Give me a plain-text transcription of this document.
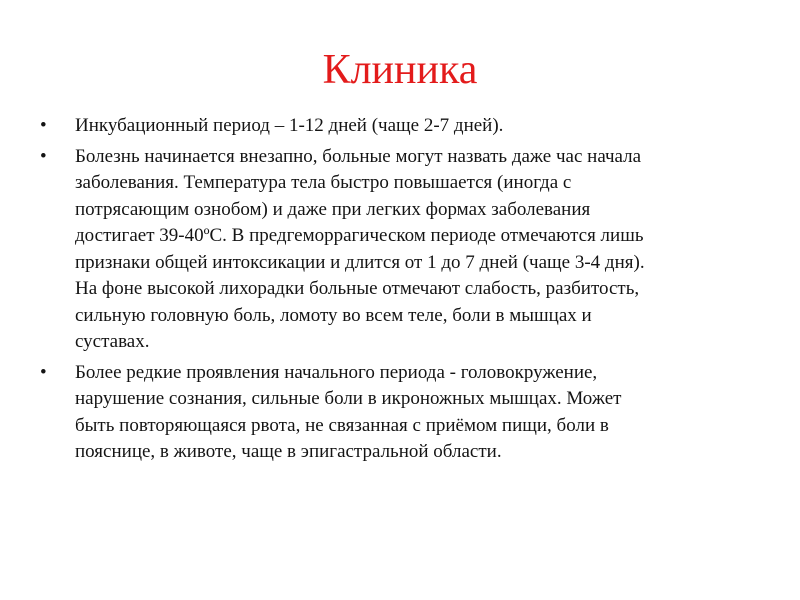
Клиника
• Инкубационный период – 1-12 дней (чаще 2-7 дней).
• Болезнь начинается внезапно, больные могут назвать даже час начала
заболевания. Температура тела быстро повышается (иногда с
потрясающим ознобом) и даже при легких формах заболевания
достигает 39-40ºС. В предгеморрагическом периоде отмечаются лишь
признаки общей интоксикации и длится от 1 до 7 дней (чаще 3-4 дня).
На фоне высокой лихорадки больные отмечают слабость, разбитость,
сильную головную боль, ломоту во всем теле, боли в мышцах и
суставах.
• Более редкие проявления начального периода - головокружение,
нарушение сознания, сильные боли в икроножных мышцах. Может
быть повторяющаяся рвота, не связанная с приёмом пищи, боли в
пояснице, в животе, чаще в эпигастральной области.
